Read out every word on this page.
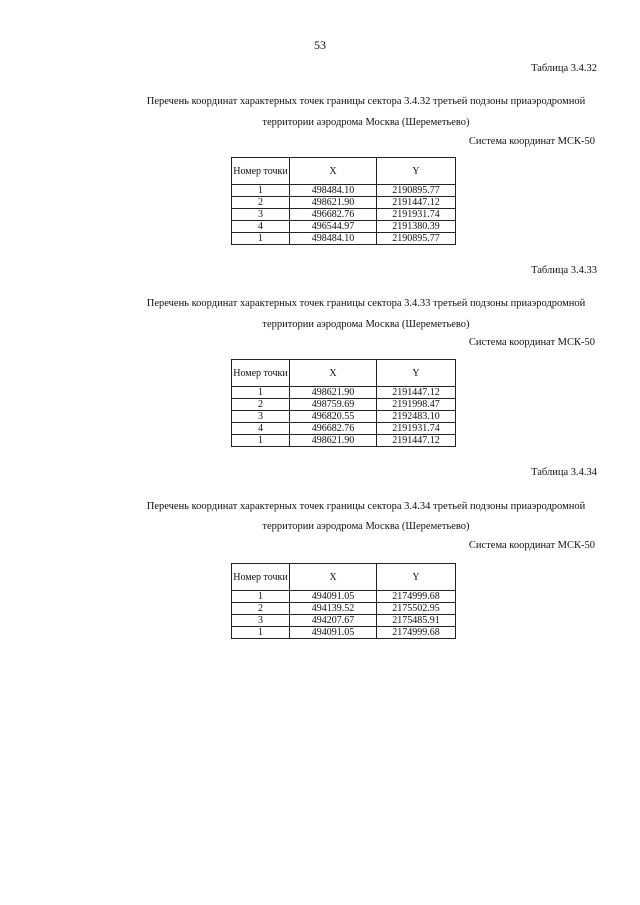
53
Таблица 3.4.32
Перечень координат характерных точек границы сектора 3.4.32 третьей подзоны приаэродромной
территории аэродрома Москва (Шереметьево)
Система координат МСК-50
Номер точки	X	Y
1	498484.10	2190895.77
2	498621.90	2191447.12
3	496682.76	2191931.74
4	496544.97	2191380.39
1	498484.10	2190895.77
Таблица 3.4.33
Перечень координат характерных точек границы сектора 3.4.33 третьей подзоны приаэродромной
территории аэродрома Москва (Шереметьево)
Система координат МСК-50
Номер точки	X	Y
1	498621.90	2191447.12
2	498759.69	2191998.47
3	496820.55	2192483.10
4	496682.76	2191931.74
1	498621.90	2191447.12
Таблица 3.4.34
Перечень координат характерных точек границы сектора 3.4.34 третьей подзоны приаэродромной
территории аэродрома Москва (Шереметьево)
Система координат МСК-50
Номер точки	X	Y
1	494091.05	2174999.68
2	494139.52	2175502.95
3	494207.67	2175485.91
1	494091.05	2174999.68
